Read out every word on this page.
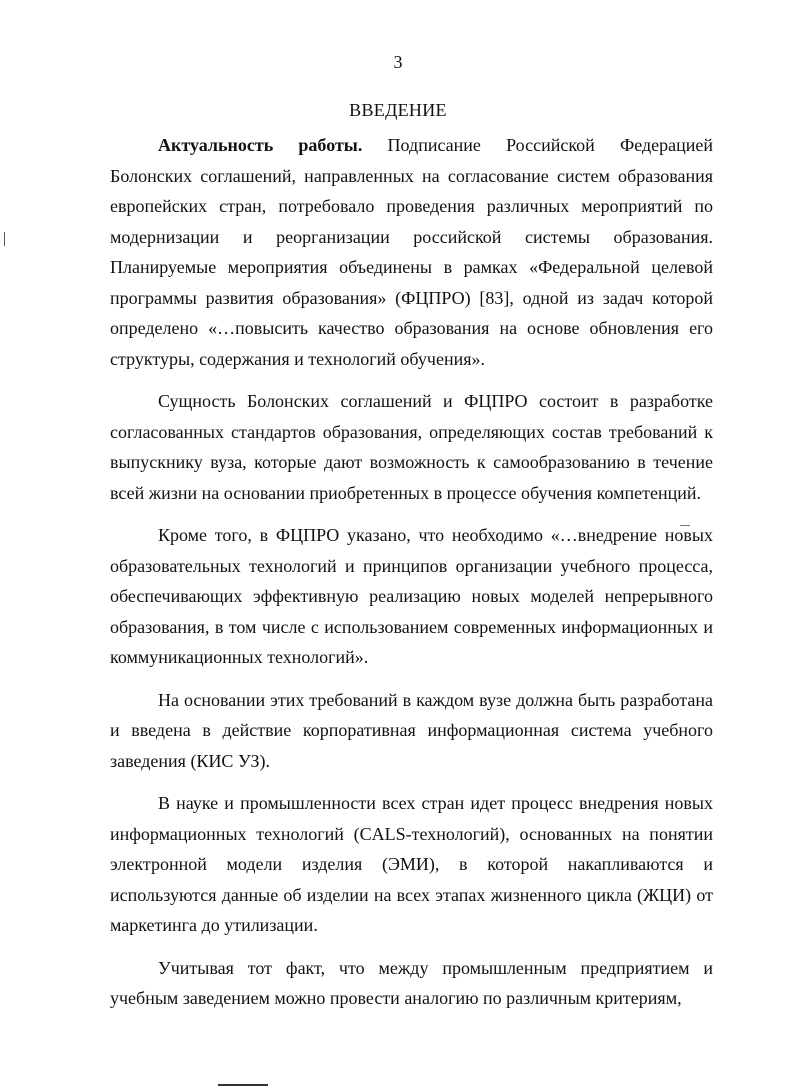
3
ВВЕДЕНИЕ

Актуальность работы. Подписание Российской Федерацией Болонских соглашений, направленных на согласование систем образования европейских стран, потребовало проведения различных мероприятий по модернизации и реорганизации российской системы образования. Планируемые мероприятия объединены в рамках «Федеральной целевой программы развития образования» (ФЦПРО) [83], одной из задач которой определено «…повысить качество образования на основе обновления его структуры, содержания и технологий обучения».

Сущность Болонских соглашений и ФЦПРО состоит в разработке согласованных стандартов образования, определяющих состав требований к выпускнику вуза, которые дают возможность к самообразованию в течение всей жизни на основании приобретенных в процессе обучения компетенций.

Кроме того, в ФЦПРО указано, что необходимо «…внедрение новых образовательных технологий и принципов организации учебного процесса, обеспечивающих эффективную реализацию новых моделей непрерывного образования, в том числе с использованием современных информационных и коммуникационных технологий».

На основании этих требований в каждом вузе должна быть разработана и введена в действие корпоративная информационная система учебного заведения (КИС УЗ).

В науке и промышленности всех стран идет процесс внедрения новых информационных технологий (CALS-технологий), основанных на понятии электронной модели изделия (ЭМИ), в которой накапливаются и используются данные об изделии на всех этапах жизненного цикла (ЖЦИ) от маркетинга до утилизации.

Учитывая тот факт, что между промышленным предприятием и учебным заведением можно провести аналогию по различным критериям,
